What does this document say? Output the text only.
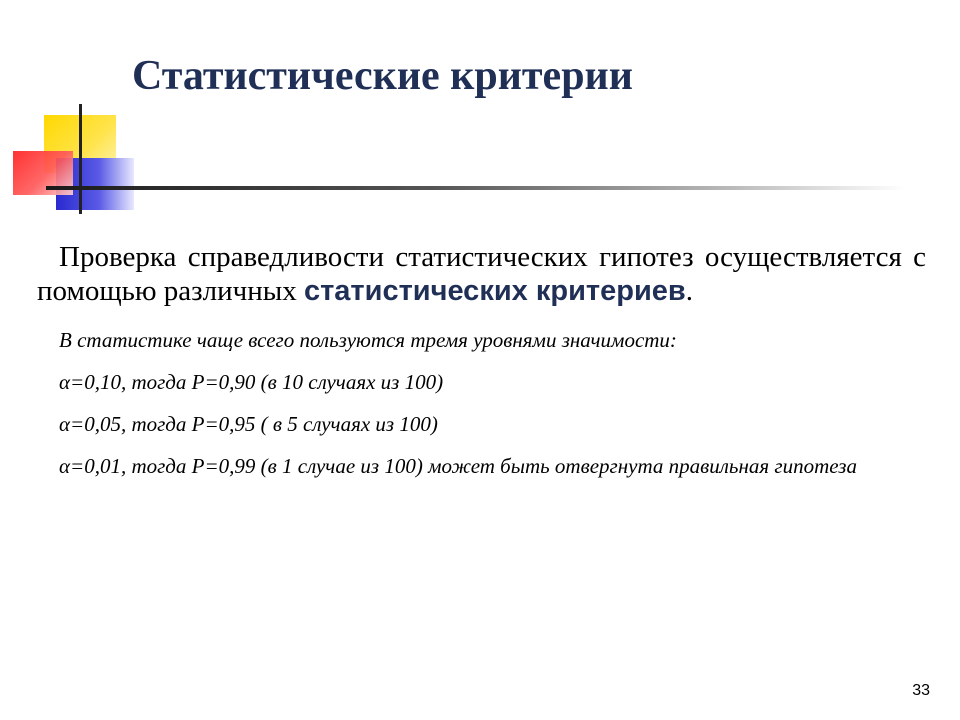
Статистические критерии

Проверка справедливости статистических гипотез осуществляется с помощью различных статистических критериев.

В статистике чаще всего пользуются тремя уровнями значимости:

α=0,10, тогда Р=0,90 (в 10 случаях из 100)

α=0,05, тогда Р=0,95 ( в 5 случаях из 100)

α=0,01, тогда Р=0,99 (в 1 случае из 100) может быть отвергнута правильная гипотеза

33
